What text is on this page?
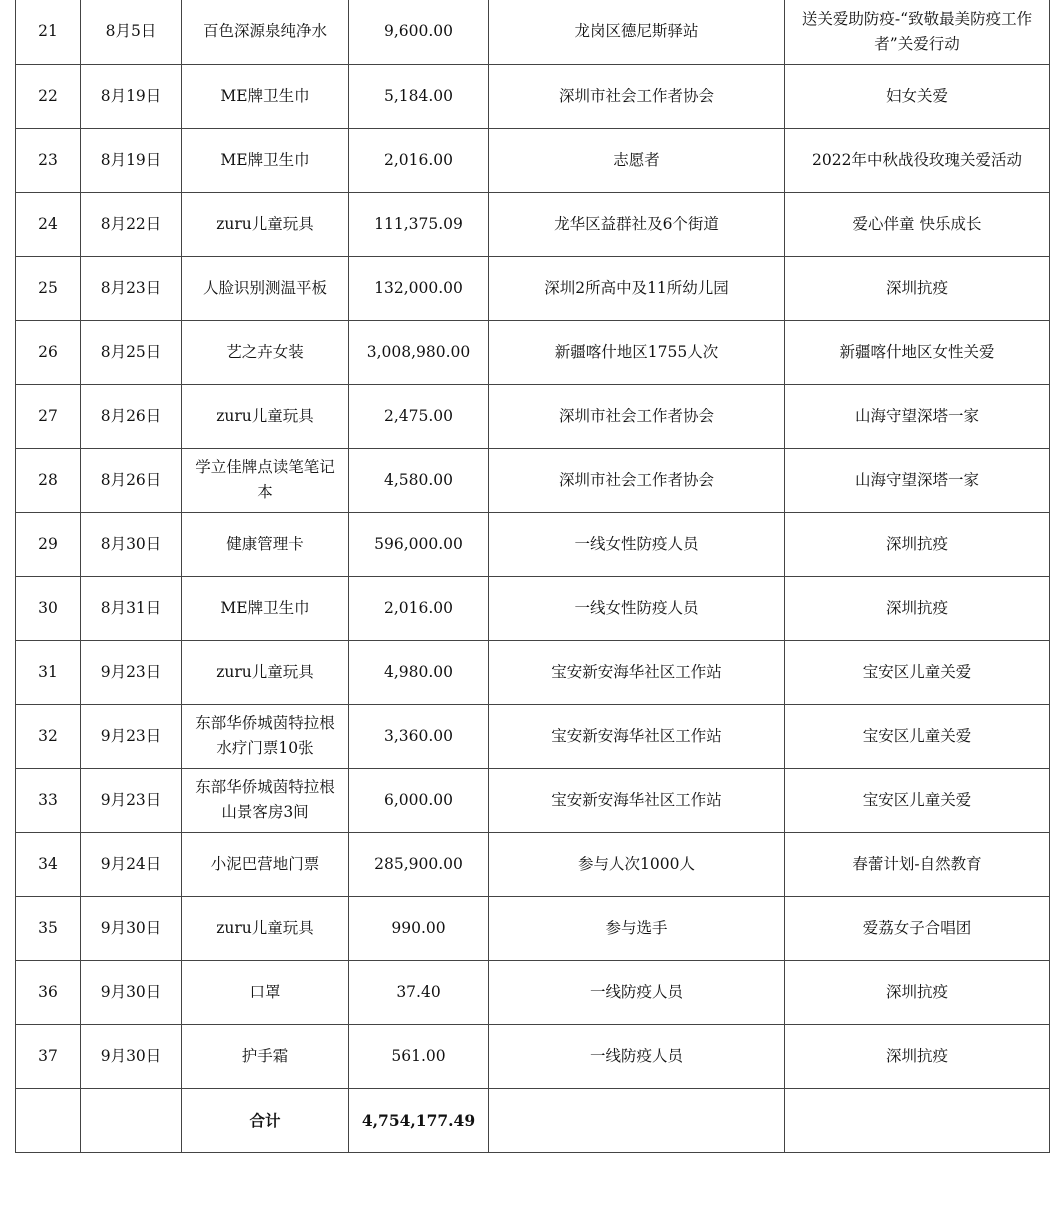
21	8月5日	百色深源泉纯净水	9,600.00	龙岗区德尼斯驿站	送关爱助防疫-“致敬最美防疫工作者”关爱行动
22	8月19日	ME牌卫生巾	5,184.00	深圳市社会工作者协会	妇女关爱
23	8月19日	ME牌卫生巾	2,016.00	志愿者	2022年中秋战役玫瑰关爱活动
24	8月22日	zuru儿童玩具	111,375.09	龙华区益群社及6个街道	爱心伴童 快乐成长
25	8月23日	人脸识别测温平板	132,000.00	深圳2所高中及11所幼儿园	深圳抗疫
26	8月25日	艺之卉女装	3,008,980.00	新疆喀什地区1755人次	新疆喀什地区女性关爱
27	8月26日	zuru儿童玩具	2,475.00	深圳市社会工作者协会	山海守望深塔一家
28	8月26日	学立佳牌点读笔笔记本	4,580.00	深圳市社会工作者协会	山海守望深塔一家
29	8月30日	健康管理卡	596,000.00	一线女性防疫人员	深圳抗疫
30	8月31日	ME牌卫生巾	2,016.00	一线女性防疫人员	深圳抗疫
31	9月23日	zuru儿童玩具	4,980.00	宝安新安海华社区工作站	宝安区儿童关爱
32	9月23日	东部华侨城茵特拉根水疗门票10张	3,360.00	宝安新安海华社区工作站	宝安区儿童关爱
33	9月23日	东部华侨城茵特拉根山景客房3间	6,000.00	宝安新安海华社区工作站	宝安区儿童关爱
34	9月24日	小泥巴营地门票	285,900.00	参与人次1000人	春蕾计划-自然教育
35	9月30日	zuru儿童玩具	990.00	参与选手	爱荔女子合唱团
36	9月30日	口罩	37.40	一线防疫人员	深圳抗疫
37	9月30日	护手霜	561.00	一线防疫人员	深圳抗疫
		合计	4,754,177.49		
